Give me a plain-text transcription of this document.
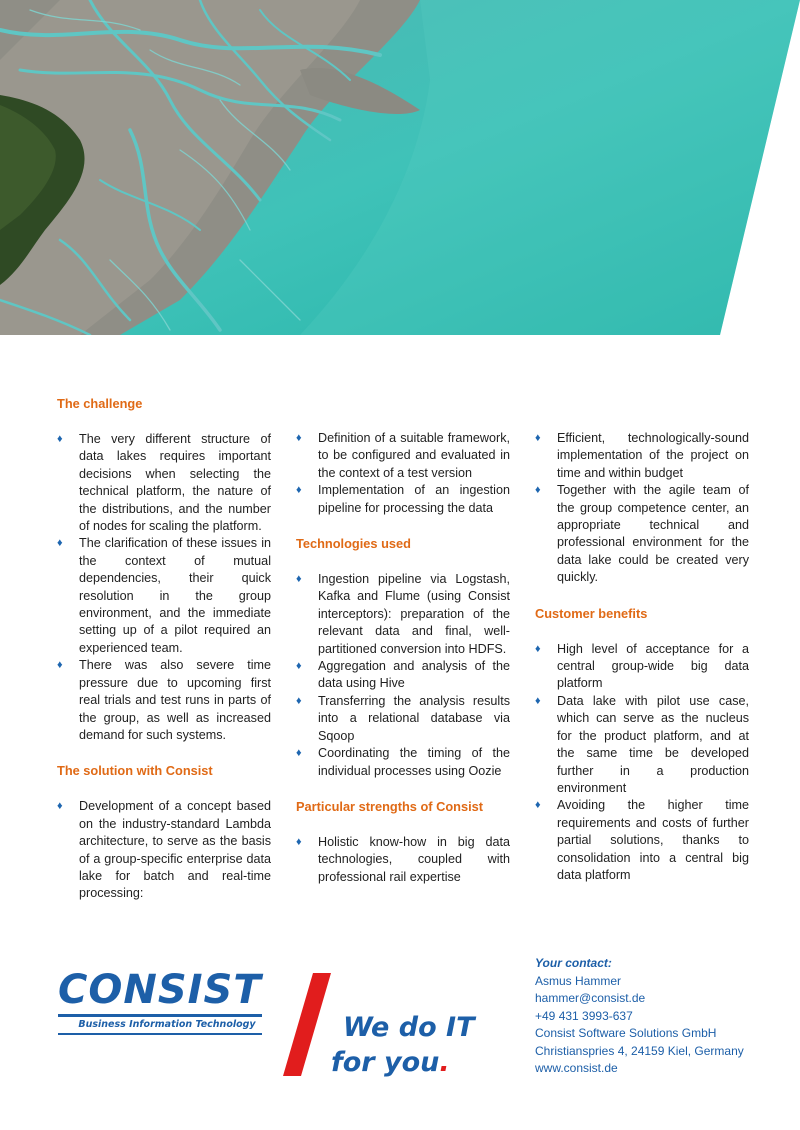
The challenge
♦ The very different structure of data lakes requires important decisions when selecting the technical platform, the nature of the distributions, and the number of nodes for scaling the platform.
♦ The clarification of these issues in the context of mutual dependencies, their quick resolution in the group environment, and the immediate setting up of a pilot required an experienced team.
♦ There was also severe time pressure due to upcoming first real trials and test runs in parts of the group, as well as increased demand for such systems.
The solution with Consist
♦ Development of a concept based on the industry-standard Lambda architecture, to serve as the basis of a group-specific enterprise data lake for batch and real-time processing:
♦ Definition of a suitable framework, to be configured and evaluated in the context of a test version
♦ Implementation of an ingestion pipeline for processing the data
Technologies used
♦ Ingestion pipeline via Logstash, Kafka and Flume (using Consist interceptors): preparation of the relevant data and final, well-partitioned conversion into HDFS.
♦ Aggregation and analysis of the data using Hive
♦ Transferring the analysis results into a relational database via Sqoop
♦ Coordinating the timing of the individual processes using Oozie
Particular strengths of Consist
♦ Holistic know-how in big data technologies, coupled with professional rail expertise
♦ Efficient, technologically-sound implementation of the project on time and within budget
♦ Together with the agile team of the group competence center, an appropriate technical and professional environment for the data lake could be created very quickly.
Customer benefits
♦ High level of acceptance for a central group-wide big data platform
♦ Data lake with pilot use case, which can serve as the nucleus for the product platform, and at the same time be developed further in a production environment
♦ Avoiding the higher time requirements and costs of further partial solutions, thanks to consolidation into a central big data platform
CONSIST
Business Information Technology	We do IT
for you.
Your contact:
Asmus Hammer
hammer@consist.de
+49 431 3993-637
Consist Software Solutions GmbH
Christianspries 4, 24159 Kiel, Germany
www.consist.de
